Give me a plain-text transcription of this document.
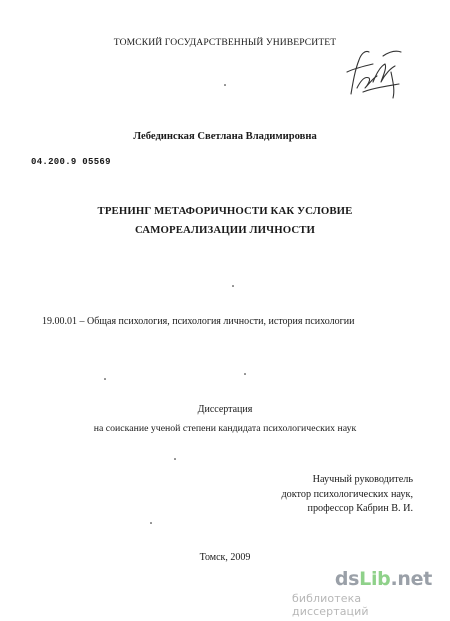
ТОМСКИЙ ГОСУДАРСТВЕННЫЙ УНИВЕРСИТЕТ
Лебединская Светлана Владимировна
04.200.9 05569
ТРЕНИНГ МЕТАФОРИЧНОСТИ КАК УСЛОВИЕ
САМОРЕАЛИЗАЦИИ ЛИЧНОСТИ
19.00.01 – Общая психология, психология личности, история психологии
Диссертация
на соискание ученой степени кандидата психологических наук
Научный руководитель
доктор психологических наук,
профессор Кабрин В. И.
Томск, 2009
dsLib.net
библиотека диссертаций
